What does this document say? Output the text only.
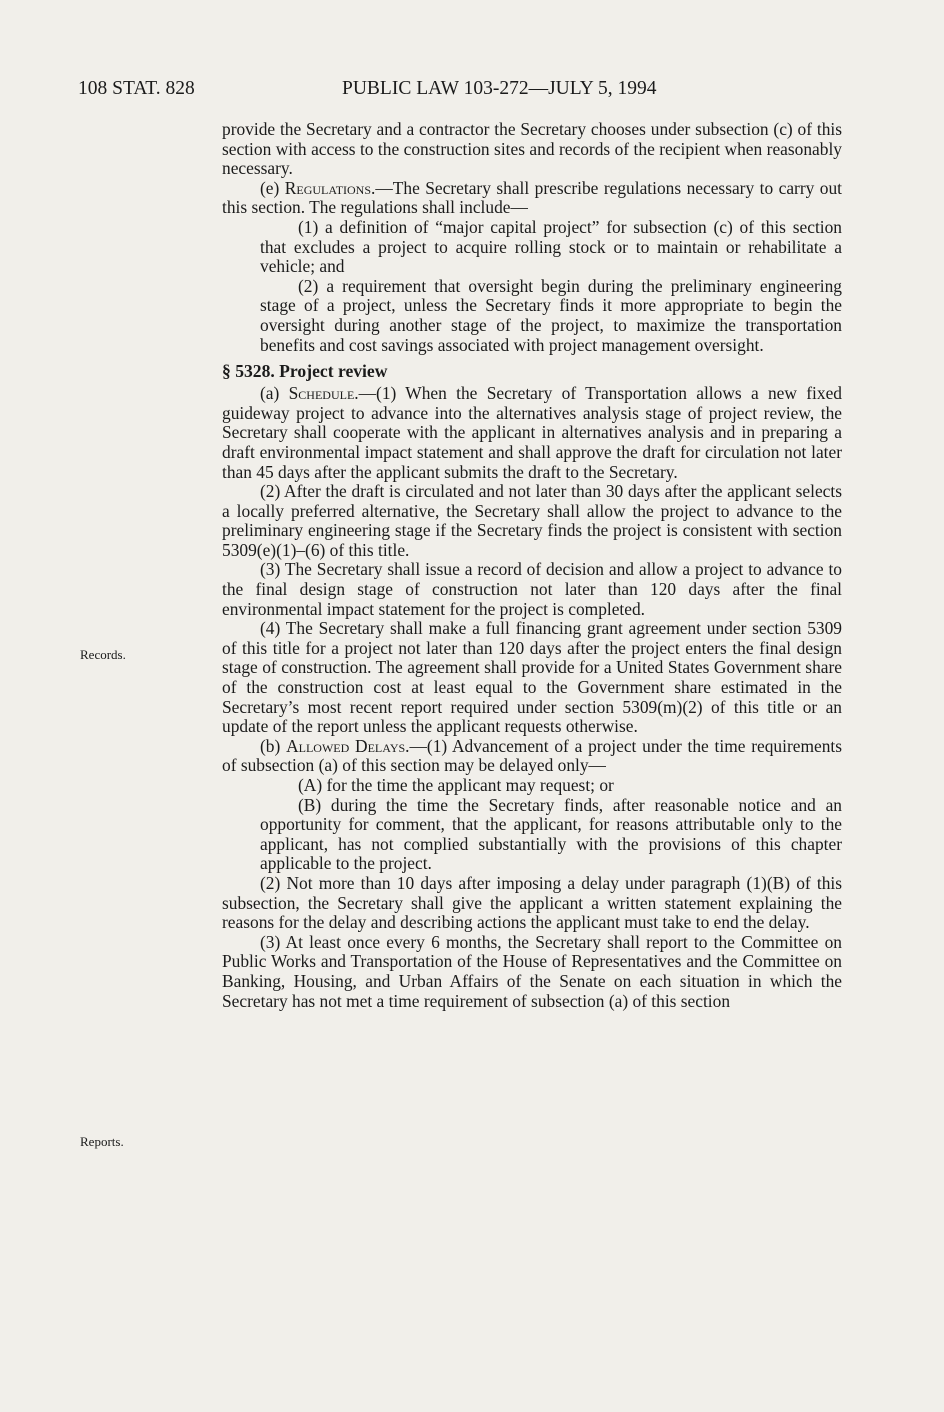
108 STAT. 828	PUBLIC LAW 103-272—JULY 5, 1994
Records.
Reports.

provide the Secretary and a contractor the Secretary chooses under subsection (c) of this section with access to the construction sites and records of the recipient when reasonably necessary.

(e) Regulations.—The Secretary shall prescribe regulations necessary to carry out this section. The regulations shall include—

(1) a definition of “major capital project” for subsection (c) of this section that excludes a project to acquire rolling stock or to maintain or rehabilitate a vehicle; and

(2) a requirement that oversight begin during the preliminary engineering stage of a project, unless the Secretary finds it more appropriate to begin the oversight during another stage of the project, to maximize the transportation benefits and cost savings associated with project management oversight.

§ 5328. Project review

(a) Schedule.—(1) When the Secretary of Transportation allows a new fixed guideway project to advance into the alternatives analysis stage of project review, the Secretary shall cooperate with the applicant in alternatives analysis and in preparing a draft environmental impact statement and shall approve the draft for circulation not later than 45 days after the applicant submits the draft to the Secretary.

(2) After the draft is circulated and not later than 30 days after the applicant selects a locally preferred alternative, the Secretary shall allow the project to advance to the preliminary engineering stage if the Secretary finds the project is consistent with section 5309(e)(1)–(6) of this title.

(3) The Secretary shall issue a record of decision and allow a project to advance to the final design stage of construction not later than 120 days after the final environmental impact statement for the project is completed.

(4) The Secretary shall make a full financing grant agreement under section 5309 of this title for a project not later than 120 days after the project enters the final design stage of construction. The agreement shall provide for a United States Government share of the construction cost at least equal to the Government share estimated in the Secretary’s most recent report required under section 5309(m)(2) of this title or an update of the report unless the applicant requests otherwise.

(b) Allowed Delays.—(1) Advancement of a project under the time requirements of subsection (a) of this section may be delayed only—

(A) for the time the applicant may request; or

(B) during the time the Secretary finds, after reasonable notice and an opportunity for comment, that the applicant, for reasons attributable only to the applicant, has not complied substantially with the provisions of this chapter applicable to the project.

(2) Not more than 10 days after imposing a delay under paragraph (1)(B) of this subsection, the Secretary shall give the applicant a written statement explaining the reasons for the delay and describing actions the applicant must take to end the delay.

(3) At least once every 6 months, the Secretary shall report to the Committee on Public Works and Transportation of the House of Representatives and the Committee on Banking, Housing, and Urban Affairs of the Senate on each situation in which the Secretary has not met a time requirement of subsection (a) of this section
